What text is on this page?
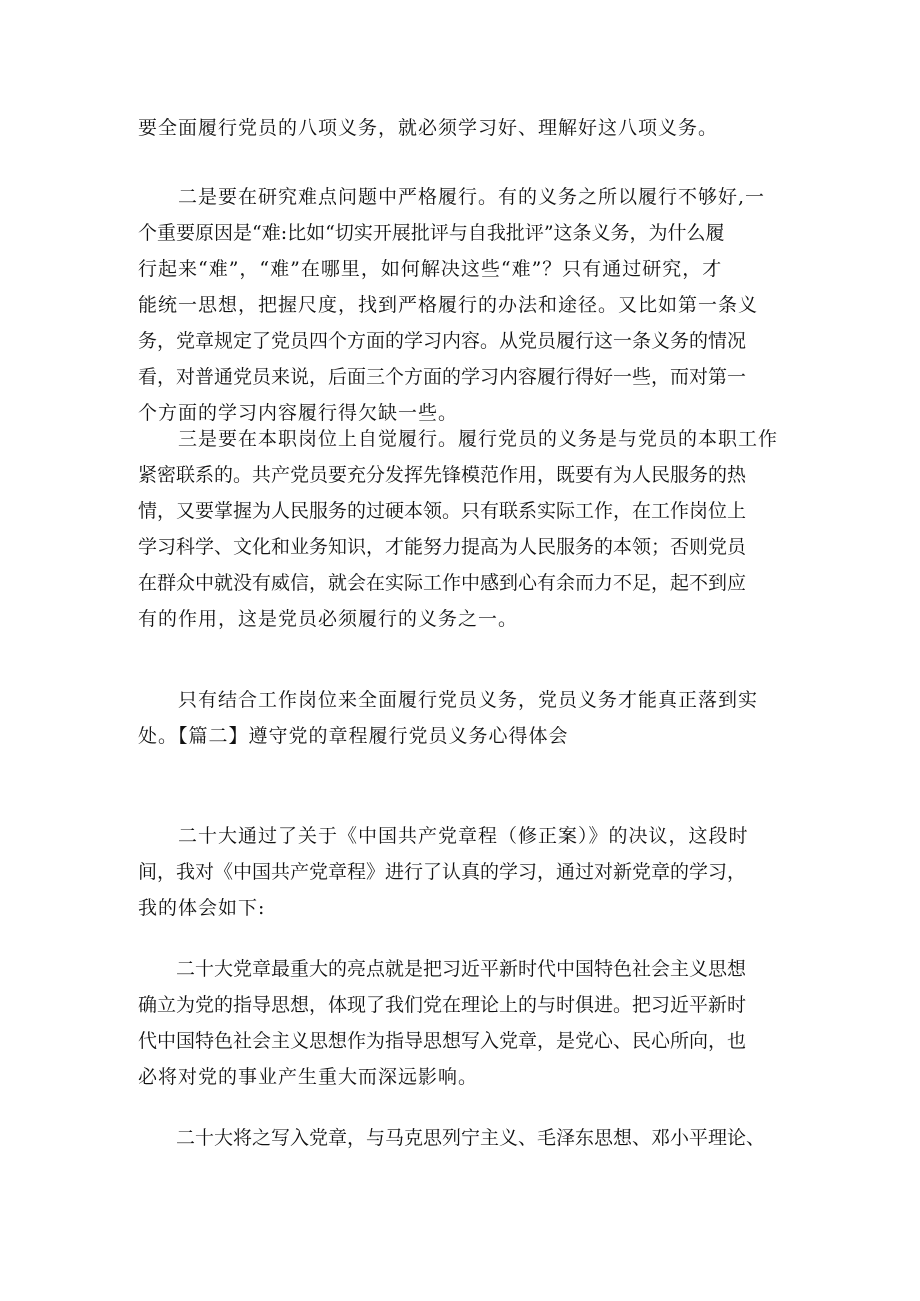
要全面履行党员的八项义务，就必须学习好、理解好这八项义务。
　　二是要在研究难点问题中严格履行。有的义务之所以履行不够好,一
个重要原因是“难:比如“切实开展批评与自我批评”这条义务，为什么履
行起来“难”，“难”在哪里，如何解决这些“难”？只有通过研究，才
能统一思想，把握尺度，找到严格履行的办法和途径。又比如第一条义
务，党章规定了党员四个方面的学习内容。从党员履行这一条义务的情况
看，对普通党员来说，后面三个方面的学习内容履行得好一些，而对第一
个方面的学习内容履行得欠缺一些。
　　三是要在本职岗位上自觉履行。履行党员的义务是与党员的本职工作
紧密联系的。共产党员要充分发挥先锋模范作用，既要有为人民服务的热
情，又要掌握为人民服务的过硬本领。只有联系实际工作，在工作岗位上
学习科学、文化和业务知识，才能努力提高为人民服务的本领；否则党员
在群众中就没有威信，就会在实际工作中感到心有余而力不足，起不到应
有的作用，这是党员必须履行的义务之一。
　　只有结合工作岗位来全面履行党员义务，党员义务才能真正落到实
处。【篇二】遵守党的章程履行党员义务心得体会
　　二十大通过了关于《中国共产党章程（修正案）》的决议，这段时
间，我对《中国共产党章程》进行了认真的学习，通过对新党章的学习，
我的体会如下:
　　二十大党章最重大的亮点就是把习近平新时代中国特色社会主义思想
确立为党的指导思想，体现了我们党在理论上的与时俱进。把习近平新时
代中国特色社会主义思想作为指导思想写入党章，是党心、民心所向，也
必将对党的事业产生重大而深远影响。
　　二十大将之写入党章，与马克思列宁主义、毛泽东思想、邓小平理论、
